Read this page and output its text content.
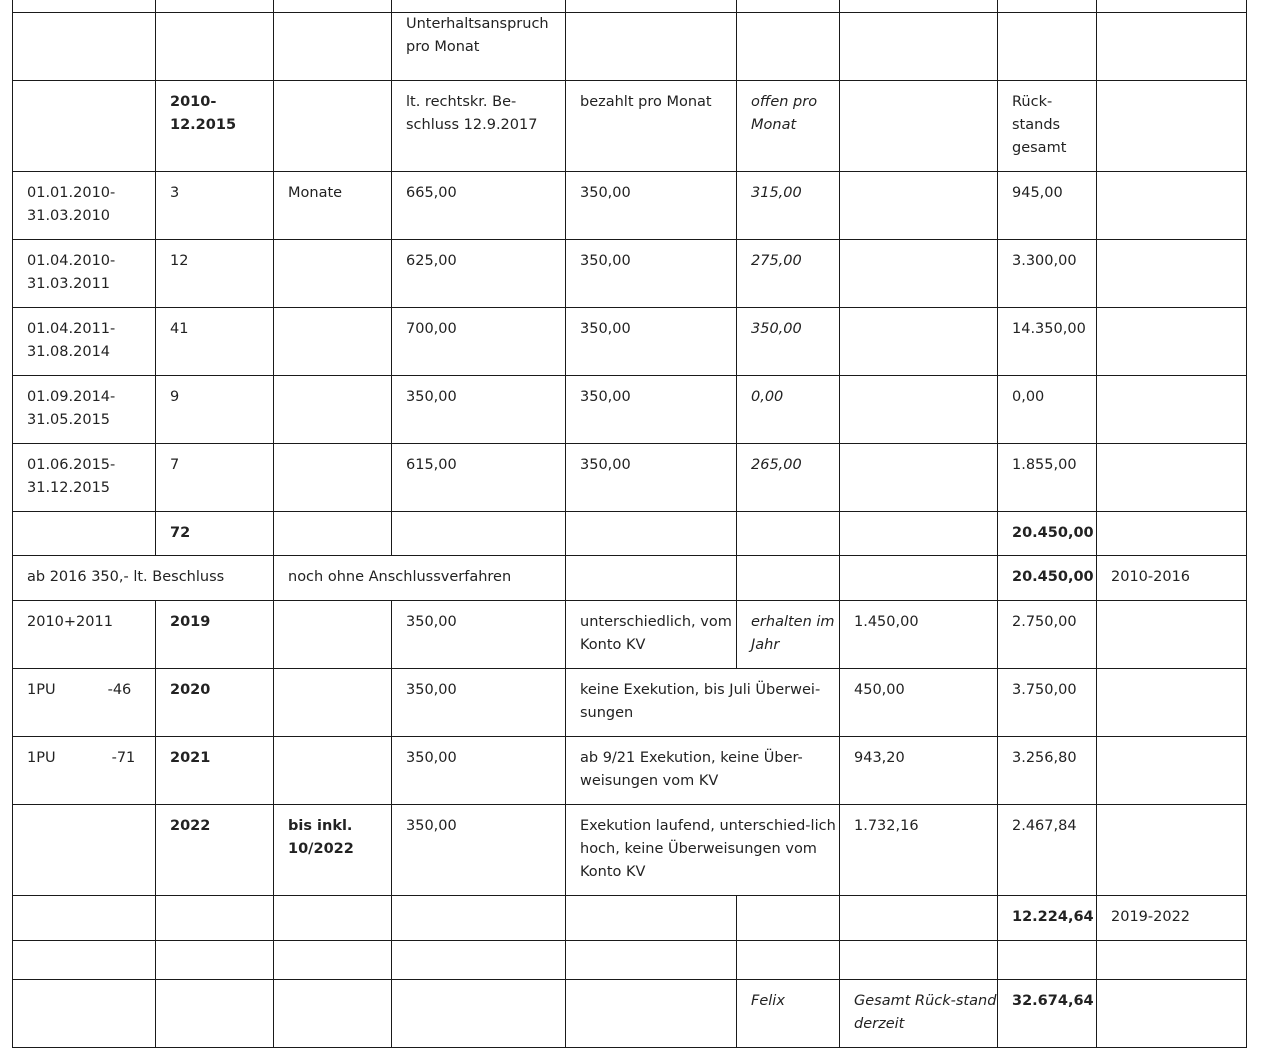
			Unterhaltsanspruch pro Monat					
	2010-12.2015		lt. rechtskr. Be-schluss 12.9.2017	bezahlt pro Monat	offen pro Monat		Rück-stands gesamt	
01.01.2010-31.03.2010	3	Monate	665,00	350,00	315,00		945,00	
01.04.2010-31.03.2011	12		625,00	350,00	275,00		3.300,00	
01.04.2011-31.08.2014	41		700,00	350,00	350,00		14.350,00	
01.09.2014-31.05.2015	9		350,00	350,00	0,00		0,00	
01.06.2015-31.12.2015	7		615,00	350,00	265,00		1.855,00	
	72						20.450,00	
ab 2016 350,- lt. Beschluss		noch ohne Anschlussverfahren					20.450,00	2010-2016
2010+2011	2019		350,00	unterschiedlich, vom Konto KV	erhalten im Jahr	1.450,00	2.750,00	
1PU -46	2020		350,00	keine Exekution, bis Juli Überwei-sungen		450,00	3.750,00	
1PU -71	2021		350,00	ab 9/21 Exekution, keine Über-weisungen vom KV		943,20	3.256,80	
	2022	bis inkl. 10/2022	350,00	Exekution laufend, unterschied-lich hoch, keine Überweisungen vom Konto KV		1.732,16	2.467,84	
							12.224,64	2019-2022

					Felix	Gesamt Rück-stand derzeit	32.674,64	
